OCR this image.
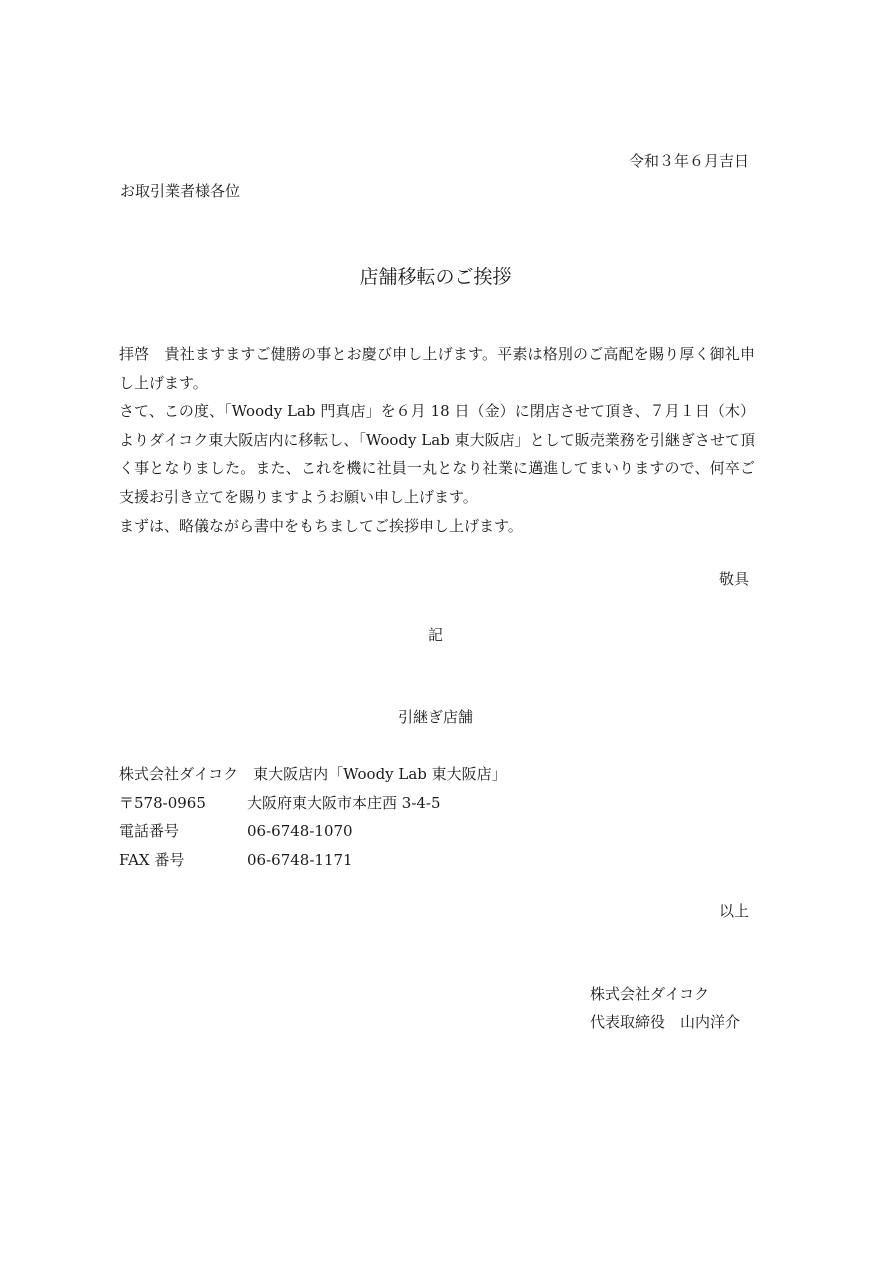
令和３年６月吉日
お取引業者様各位
店舗移転のご挨拶

拝啓　貴社ますますご健勝の事とお慶び申し上げます。平素は格別のご高配を賜り厚く御礼申し上げます。

さて、この度、「Woody Lab 門真店」を６月 18 日（金）に閉店させて頂き、７月１日（木）よりダイコク東大阪店内に移転し、「Woody Lab 東大阪店」として販売業務を引継ぎさせて頂く事となりました。また、これを機に社員一丸となり社業に邁進してまいりますので、何卒ご支援お引き立てを賜りますようお願い申し上げます。

まずは、略儀ながら書中をもちましてご挨拶申し上げます。

敬具
記
引継ぎ店舗
株式会社ダイコク　東大阪店内「Woody Lab 東大阪店」
〒578-0965	大阪府東大阪市本庄西 3-4-5
電話番号	06-6748-1070
FAX 番号	06-6748-1171
以上
株式会社ダイコク
代表取締役　山内洋介
